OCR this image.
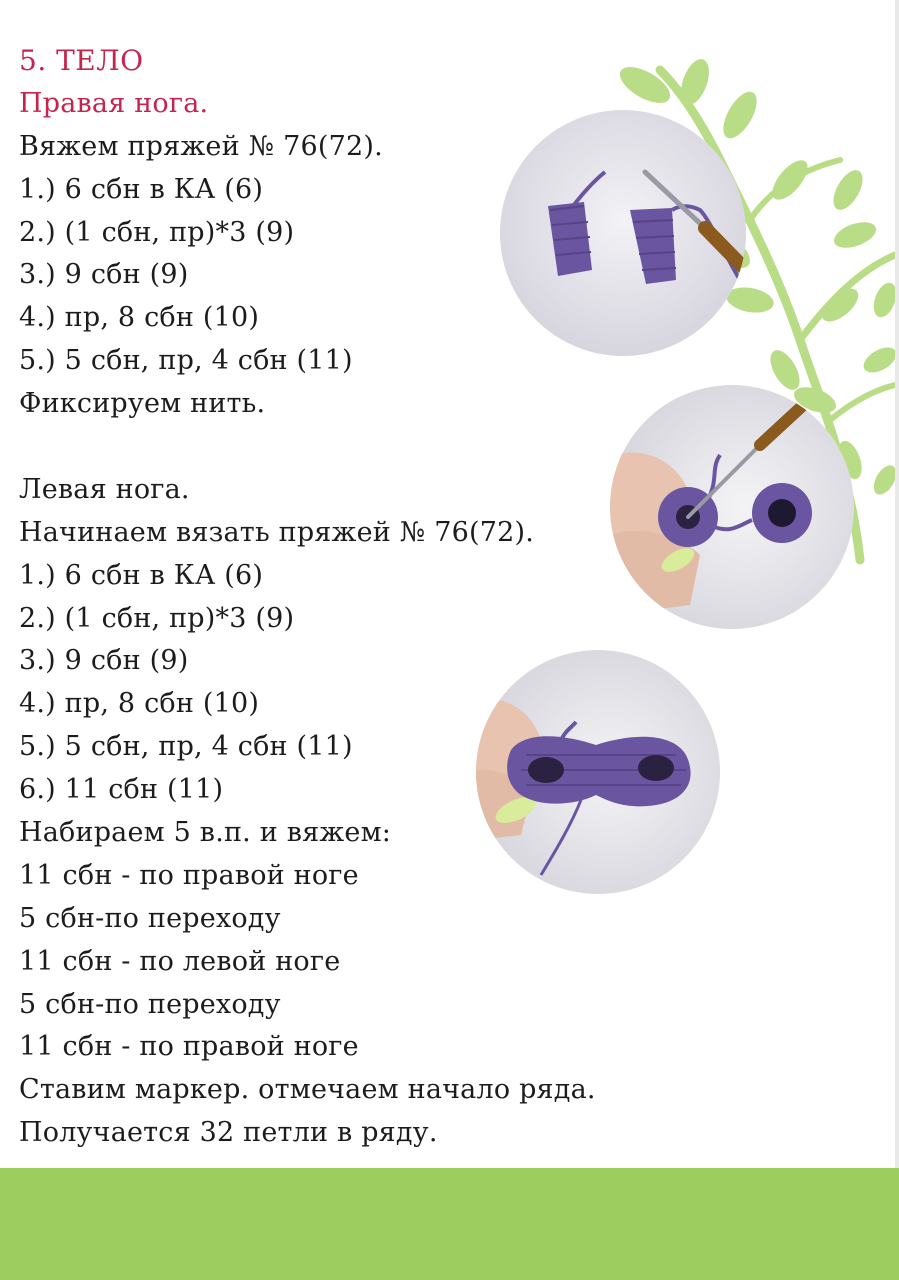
5. ТЕЛО
Правая нога.
Вяжем пряжей № 76(72).
1.) 6 сбн в КА (6)
2.) (1 сбн, пр)*3 (9)
3.) 9 сбн (9)
4.) пр, 8 сбн (10)
5.) 5 сбн, пр, 4 сбн (11)
Фиксируем нить.
Левая нога.
Начинаем вязать пряжей № 76(72).
1.) 6 сбн в КА (6)
2.) (1 сбн, пр)*3 (9)
3.) 9 сбн (9)
4.) пр, 8 сбн (10)
5.) 5 сбн, пр, 4 сбн (11)
6.) 11 сбн (11)
Набираем 5 в.п. и вяжем:
11 сбн - по правой ноге
5 сбн-по переходу
11 сбн - по левой ноге
5 сбн-по переходу
11 сбн - по правой ноге
Ставим маркер. отмечаем начало ряда.
Получается 32 петли в ряду.
